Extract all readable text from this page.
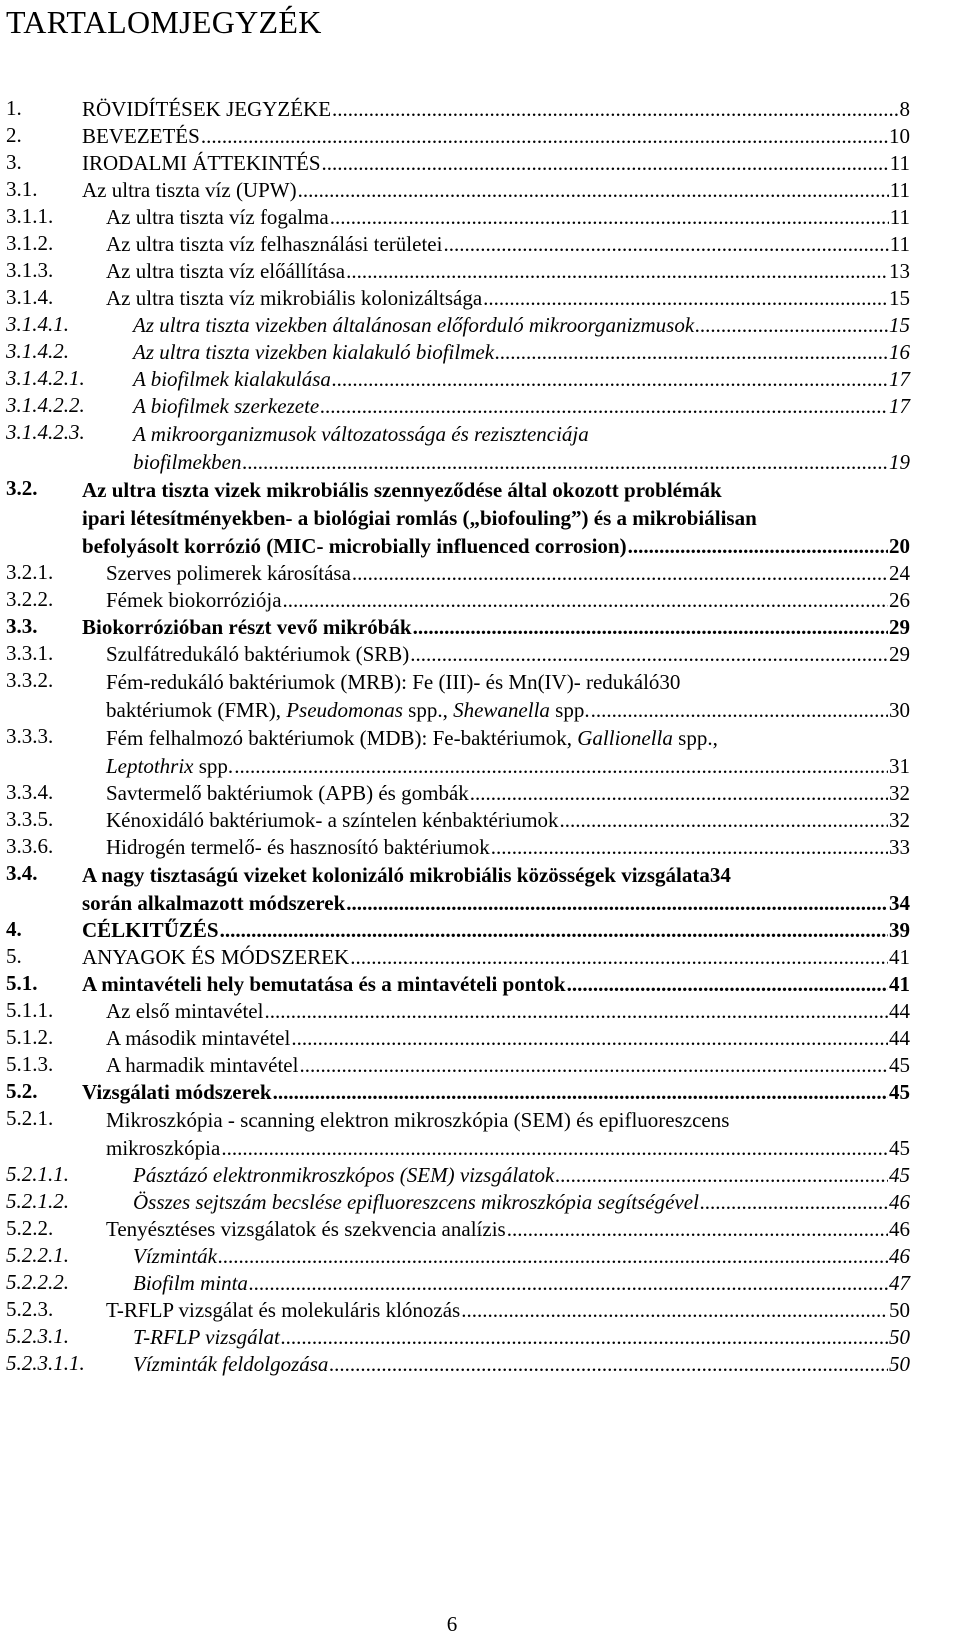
TARTALOMJEGYZÉK
1.	RÖVIDÍTÉSEK JEGYZÉKE .....	8
2.	BEVEZETÉS .....	10
3.	IRODALMI ÁTTEKINTÉS .....	11
3.1. Az ultra tiszta víz (UPW) .....	11
3.1.1.	Az ultra tiszta víz fogalma .....	11
3.1.2.	Az ultra tiszta víz felhasználási területei .....	11
3.1.3.	Az ultra tiszta víz előállítása .....	13
3.1.4.	Az ultra tiszta víz mikrobiális kolonizáltsága .....	15
3.1.4.1.	Az ultra tiszta vizekben általánosan előforduló mikroorganizmusok .....	15
3.1.4.2.	Az ultra tiszta vizekben kialakuló biofilmek .....	16
3.1.4.2.1. A biofilmek kialakulása .....	17
3.1.4.2.2. A biofilmek szerkezete .....	17
3.1.4.2.3. A mikroorganizmusok változatossága és rezisztenciája
biofilmekben .....	19
3.2. Az ultra tiszta vizek mikrobiális szennyeződése által okozott problémák
ipari létesítményekben- a biológiai romlás („biofouling”) és a mikrobiálisan
befolyásolt korrózió (MIC- microbially influenced corrosion) .....	20
3.2.1.	Szerves polimerek károsítása .....	24
3.2.2.	Fémek biokorróziója .....	26
3.3. Biokorrózióban részt vevő mikróbák .....	29
3.3.1.	Szulfátredukáló baktériumok (SRB) .....	29
3.3.2.	Fém-redukáló baktériumok (MRB): Fe (III)- és Mn(IV)- redukáló30
baktériumok (FMR), Pseudomonas spp., Shewanella spp. .....	30
3.3.3.	Fém felhalmozó baktériumok (MDB): Fe-baktériumok, Gallionella spp.,
Leptothrix spp. .....	31
3.3.4.	Savtermelő baktériumok (APB) és gombák .....	32
3.3.5.	Kénoxidáló baktériumok- a színtelen kénbaktériumok .....	32
3.3.6.	Hidrogén termelő- és hasznosító baktériumok .....	33
3.4. A nagy tisztaságú vizeket kolonizáló mikrobiális közösségek vizsgálata34
során alkalmazott módszerek .....	34
4.	CÉLKITŰZÉS .....	39
5.	ANYAGOK ÉS MÓDSZEREK .....	41
5.1. A mintavételi hely bemutatása és a mintavételi pontok .....	41
5.1.1.	Az első mintavétel .....	44
5.1.2.	A második mintavétel .....	44
5.1.3.	A harmadik mintavétel .....	45
5.2. Vizsgálati módszerek .....	45
5.2.1.	Mikroszkópia - scanning elektron mikroszkópia (SEM) és epifluoreszcens
mikroszkópia .....	45
5.2.1.1.	Pásztázó elektronmikroszkópos (SEM) vizsgálatok .....	45
5.2.1.2.	Összes sejtszám becslése epifluoreszcens mikroszkópia segítségével .....	46
5.2.2.	Tenyésztéses vizsgálatok és szekvencia analízis .....	46
5.2.2.1.	Vízminták .....	46
5.2.2.2.	Biofilm minta .....	47
5.2.3.	T-RFLP vizsgálat és molekuláris klónozás .....	50
5.2.3.1.	T-RFLP vizsgálat .....	50
5.2.3.1.1. Vízminták feldolgozása .....	50
6
